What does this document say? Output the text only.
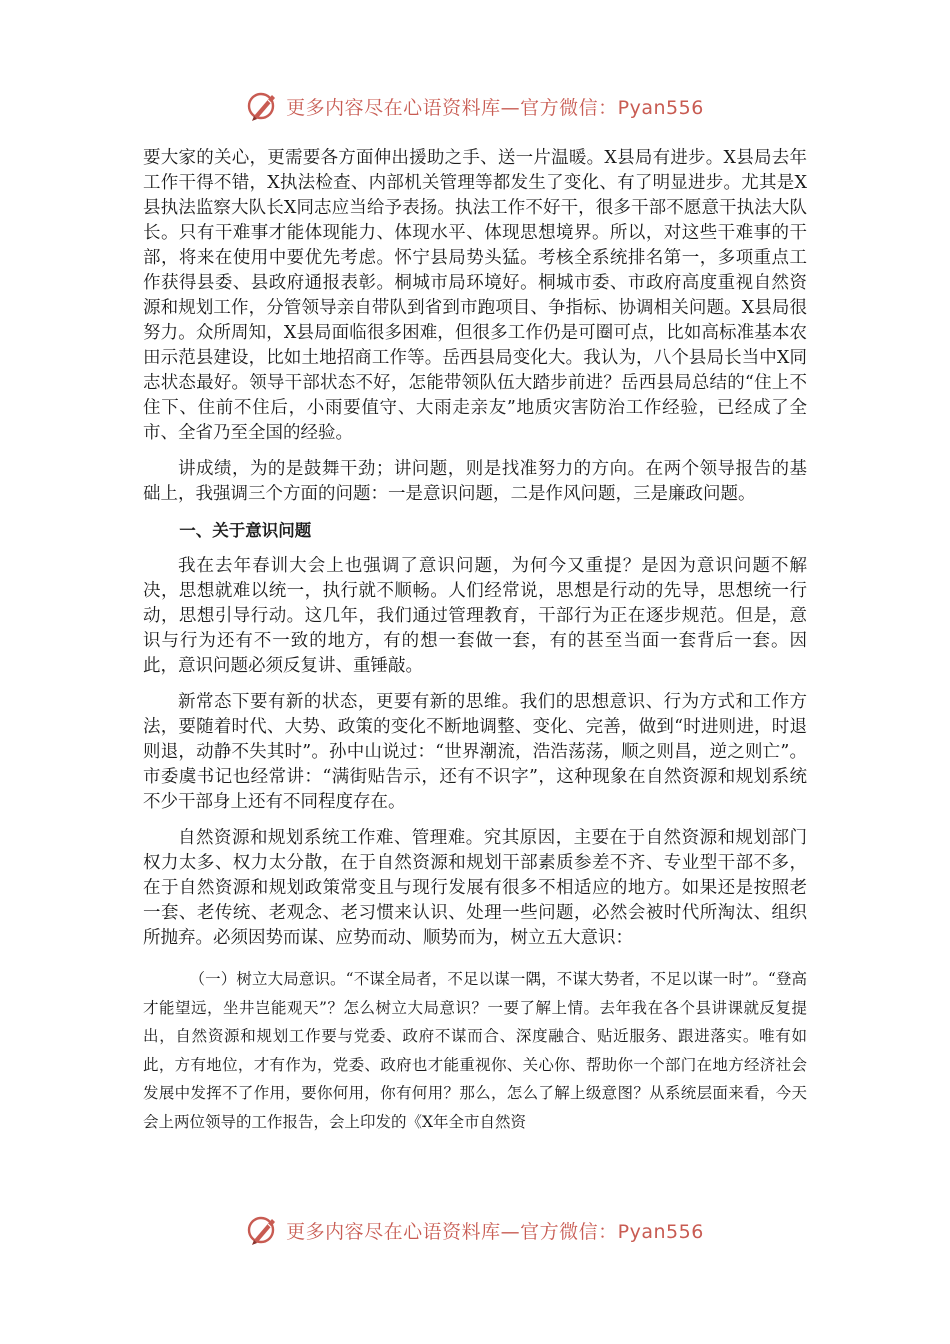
更多内容尽在心语资料库—官方微信：Pyan556

要大家的关心，更需要各方面伸出援助之手、送一片温暖。X县局有进步。X县局去年工作干得不错，X执法检查、内部机关管理等都发生了变化、有了明显进步。尤其是X县执法监察大队长X同志应当给予表扬。执法工作不好干，很多干部不愿意干执法大队长。只有干难事才能体现能力、体现水平、体现思想境界。所以，对这些干难事的干部，将来在使用中要优先考虑。怀宁县局势头猛。考核全系统排名第一，多项重点工作获得县委、县政府通报表彰。桐城市局环境好。桐城市委、市政府高度重视自然资源和规划工作，分管领导亲自带队到省到市跑项目、争指标、协调相关问题。X县局很努力。众所周知，X县局面临很多困难，但很多工作仍是可圈可点，比如高标准基本农田示范县建设，比如土地招商工作等。岳西县局变化大。我认为，八个县局长当中X同志状态最好。领导干部状态不好，怎能带领队伍大踏步前进？岳西县局总结的“住上不住下、住前不住后，小雨要值守、大雨走亲友”地质灾害防治工作经验，已经成了全市、全省乃至全国的经验。

讲成绩，为的是鼓舞干劲；讲问题，则是找准努力的方向。在两个领导报告的基础上，我强调三个方面的问题：一是意识问题，二是作风问题，三是廉政问题。

一、关于意识问题

我在去年春训大会上也强调了意识问题，为何今又重提？是因为意识问题不解决，思想就难以统一，执行就不顺畅。人们经常说，思想是行动的先导，思想统一行动，思想引导行动。这几年，我们通过管理教育，干部行为正在逐步规范。但是，意识与行为还有不一致的地方，有的想一套做一套，有的甚至当面一套背后一套。因此，意识问题必须反复讲、重锤敲。

新常态下要有新的状态，更要有新的思维。我们的思想意识、行为方式和工作方法，要随着时代、大势、政策的变化不断地调整、变化、完善，做到“时进则进，时退则退，动静不失其时”。孙中山说过：“世界潮流，浩浩荡荡，顺之则昌，逆之则亡”。市委虞书记也经常讲：“满街贴告示，还有不识字”，这种现象在自然资源和规划系统不少干部身上还有不同程度存在。

自然资源和规划系统工作难、管理难。究其原因，主要在于自然资源和规划部门权力太多、权力太分散，在于自然资源和规划干部素质参差不齐、专业型干部不多，在于自然资源和规划政策常变且与现行发展有很多不相适应的地方。如果还是按照老一套、老传统、老观念、老习惯来认识、处理一些问题，必然会被时代所淘汰、组织所抛弃。必须因势而谋、应势而动、顺势而为，树立五大意识：

（一）树立大局意识。“不谋全局者，不足以谋一隅，不谋大势者，不足以谋一时”。“登高才能望远，坐井岂能观天”？怎么树立大局意识？一要了解上情。去年我在各个县讲课就反复提出，自然资源和规划工作要与党委、政府不谋而合、深度融合、贴近服务、跟进落实。唯有如此，方有地位，才有作为，党委、政府也才能重视你、关心你、帮助你一个部门在地方经济社会发展中发挥不了作用，要你何用，你有何用？那么，怎么了解上级意图？从系统层面来看，今天会上两位领导的工作报告，会上印发的《X年全市自然资

更多内容尽在心语资料库—官方微信：Pyan556
